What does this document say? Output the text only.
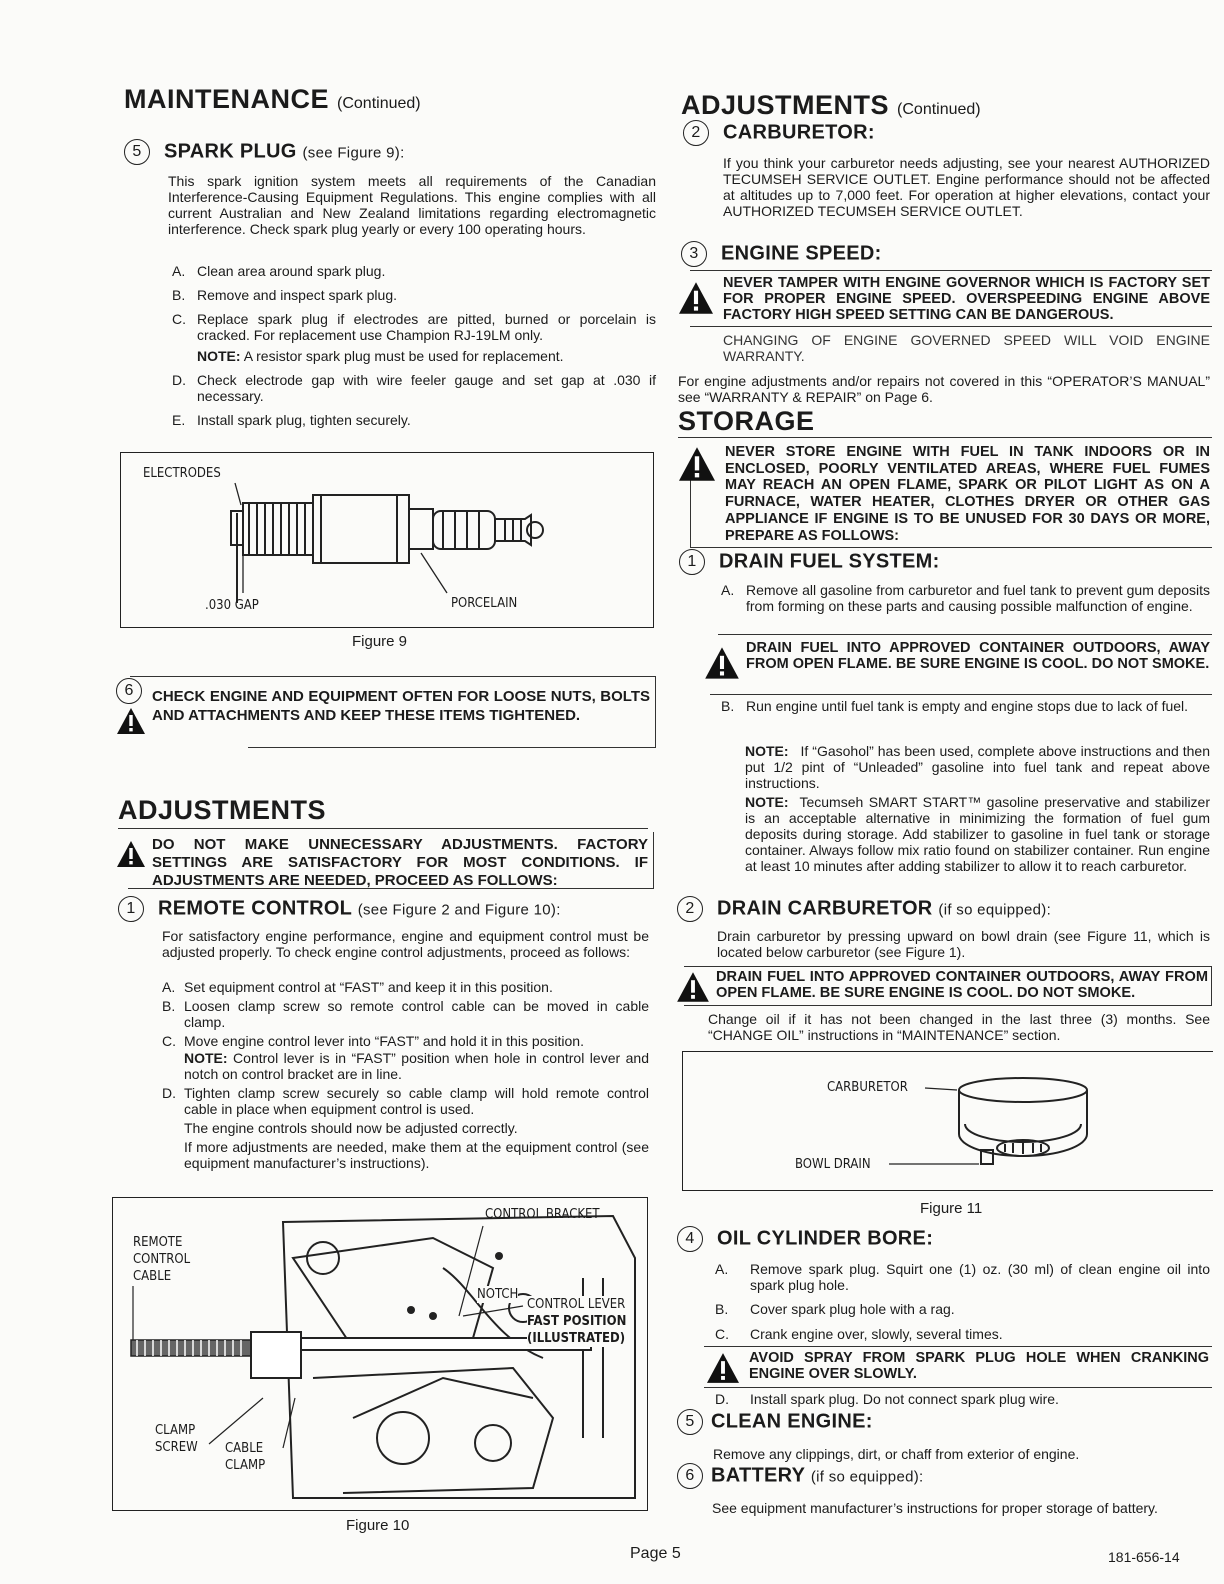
MAINTENANCE (Continued)
5 SPARK PLUG (see Figure 9):
This spark ignition system meets all requirements of the Canadian Interference-Causing Equipment Regulations. This engine complies with all current Australian and New Zealand limitations regarding electromagnetic interference. Check spark plug yearly or every 100 operating hours.
A. Clean area around spark plug.
B. Remove and inspect spark plug.
C. Replace spark plug if electrodes are pitted, burned or porcelain is cracked. For replacement use Champion RJ-19LM only.
NOTE: A resistor spark plug must be used for replacement.
D. Check electrode gap with wire feeler gauge and set gap at .030 if necessary.
E. Install spark plug, tighten securely.
ELECTRODES
.030 GAP	PORCELAIN
Figure 9
6	CHECK ENGINE AND EQUIPMENT OFTEN FOR LOOSE NUTS, BOLTS AND ATTACHMENTS AND KEEP THESE ITEMS TIGHTENED.
ADJUSTMENTS
DO NOT MAKE UNNECESSARY ADJUSTMENTS. FACTORY SETTINGS ARE SATISFACTORY FOR MOST CONDITIONS. IF ADJUSTMENTS ARE NEEDED, PROCEED AS FOLLOWS:
1 REMOTE CONTROL (see Figure 2 and Figure 10):
For satisfactory engine performance, engine and equipment control must be adjusted properly. To check engine control adjustments, proceed as follows:
A. Set equipment control at “FAST” and keep it in this position.
B. Loosen clamp screw so remote control cable can be moved in cable clamp.
C. Move engine control lever into “FAST” and hold it in this position.
NOTE: Control lever is in “FAST” position when hole in control lever and notch on control bracket are in line.
D. Tighten clamp screw securely so cable clamp will hold remote control cable in place when equipment control is used.
The engine controls should now be adjusted correctly.
If more adjustments are needed, make them at the equipment control (see equipment manufacturer’s instructions).
CONTROL BRACKET
REMOTE
CONTROL
CABLE
NOTCH
CONTROL LEVER
FAST POSITION
(ILLUSTRATED)
CLAMP
SCREW CABLE
CLAMP
Figure 10
ADJUSTMENTS (Continued)
2 CARBURETOR:
If you think your carburetor needs adjusting, see your nearest AUTHORIZED TECUMSEH SERVICE OUTLET. Engine performance should not be affected at altitudes up to 7,000 feet. For operation at higher elevations, contact your AUTHORIZED TECUMSEH SERVICE OUTLET.
3 ENGINE SPEED:
NEVER TAMPER WITH ENGINE GOVERNOR WHICH IS FACTORY SET FOR PROPER ENGINE SPEED. OVERSPEEDING ENGINE ABOVE FACTORY HIGH SPEED SETTING CAN BE DANGEROUS.
CHANGING OF ENGINE GOVERNED SPEED WILL VOID ENGINE WARRANTY.
For engine adjustments and/or repairs not covered in this “OPERATOR’S MANUAL” see “WARRANTY & REPAIR” on Page 6.
STORAGE
NEVER STORE ENGINE WITH FUEL IN TANK INDOORS OR IN ENCLOSED, POORLY VENTILATED AREAS, WHERE FUEL FUMES MAY REACH AN OPEN FLAME, SPARK OR PILOT LIGHT AS ON A FURNACE, WATER HEATER, CLOTHES DRYER OR OTHER GAS APPLIANCE IF ENGINE IS TO BE UNUSED FOR 30 DAYS OR MORE, PREPARE AS FOLLOWS:
1 DRAIN FUEL SYSTEM:
A. Remove all gasoline from carburetor and fuel tank to prevent gum deposits from forming on these parts and causing possible malfunction of engine.
DRAIN FUEL INTO APPROVED CONTAINER OUTDOORS, AWAY FROM OPEN FLAME. BE SURE ENGINE IS COOL. DO NOT SMOKE.
B. Run engine until fuel tank is empty and engine stops due to lack of fuel.
NOTE: If “Gasohol” has been used, complete above instructions and then put 1/2 pint of “Unleaded” gasoline into fuel tank and repeat above instructions.
NOTE: Tecumseh SMART START™ gasoline preservative and stabilizer is an acceptable alternative in minimizing the formation of fuel gum deposits during storage. Add stabilizer to gasoline in fuel tank or storage container. Always follow mix ratio found on stabilizer container. Run engine at least 10 minutes after adding stabilizer to allow it to reach carburetor.
2 DRAIN CARBURETOR (if so equipped):
Drain carburetor by pressing upward on bowl drain (see Figure 11, which is located below carburetor (see Figure 1).
DRAIN FUEL INTO APPROVED CONTAINER OUTDOORS, AWAY FROM OPEN FLAME. BE SURE ENGINE IS COOL. DO NOT SMOKE.
Change oil if it has not been changed in the last three (3) months. See “CHANGE OIL” instructions in “MAINTENANCE” section.
CARBURETOR
BOWL DRAIN
Figure 11
4 OIL CYLINDER BORE:
A. Remove spark plug. Squirt one (1) oz. (30 ml) of clean engine oil into spark plug hole.
B. Cover spark plug hole with a rag.
C. Crank engine over, slowly, several times.
AVOID SPRAY FROM SPARK PLUG HOLE WHEN CRANKING ENGINE OVER SLOWLY.
D. Install spark plug. Do not connect spark plug wire.
5 CLEAN ENGINE:
Remove any clippings, dirt, or chaff from exterior of engine.
6 BATTERY (if so equipped):
See equipment manufacturer’s instructions for proper storage of battery.
Page 5	181-656-14
